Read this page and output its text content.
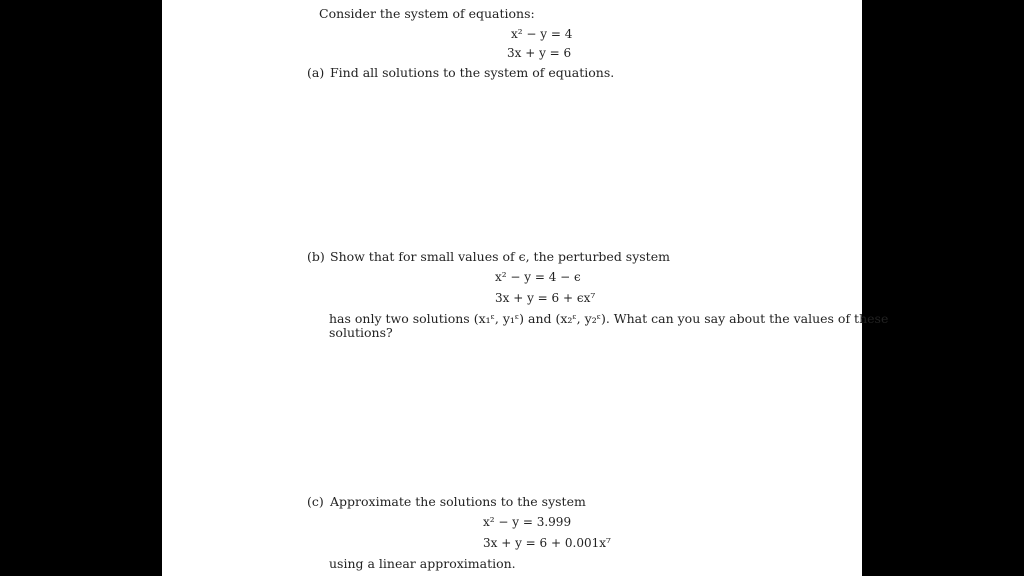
Consider the system of equations:
x² − y = 4
3x + y = 6
(a) Find all solutions to the system of equations.
(b) Show that for small values of ϵ, the perturbed system
x² − y = 4 − ϵ
3x + y = 6 + ϵx⁷
has only two solutions (x₁ᵋ, y₁ᵋ) and (x₂ᵋ, y₂ᵋ). What can you say about the values of these
solutions?
(c) Approximate the solutions to the system
x² − y = 3.999
3x + y = 6 + 0.001x⁷
using a linear approximation.
